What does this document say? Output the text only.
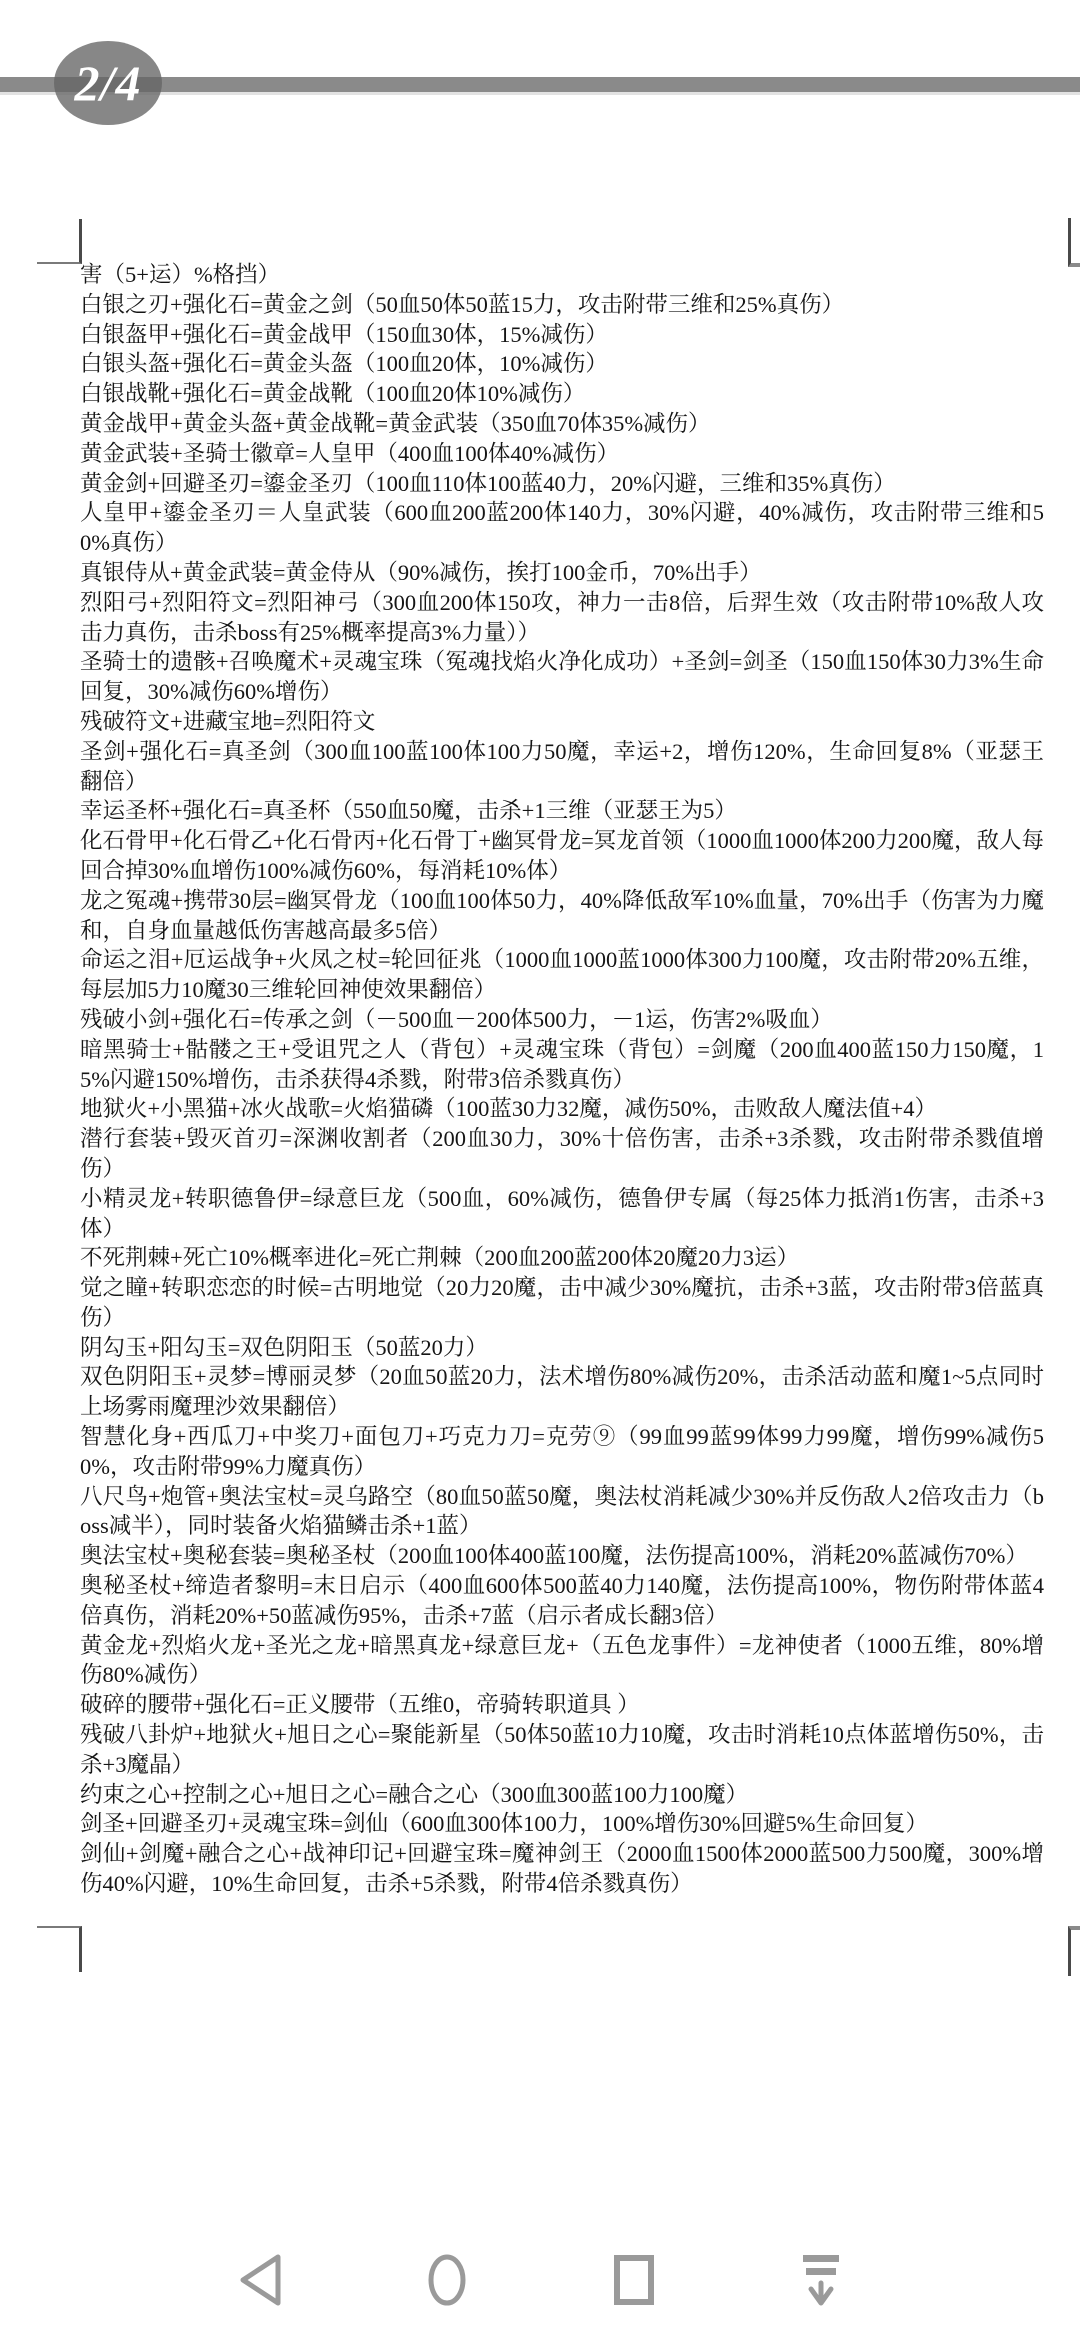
2/4
害（5+运）%格挡）
白银之刃+强化石=黄金之剑（50血50体50蓝15力，攻击附带三维和25%真伤）
白银盔甲+强化石=黄金战甲（150血30体，15%减伤）
白银头盔+强化石=黄金头盔（100血20体，10%减伤）
白银战靴+强化石=黄金战靴（100血20体10%减伤）
黄金战甲+黄金头盔+黄金战靴=黄金武装（350血70体35%减伤）
黄金武装+圣骑士徽章=人皇甲（400血100体40%减伤）
黄金剑+回避圣刃=鎏金圣刃（100血110体100蓝40力，20%闪避，三维和35%真伤）
人皇甲+鎏金圣刃＝人皇武装（600血200蓝200体140力，30%闪避，40%减伤，攻击附带三维和50%真伤）
真银侍从+黄金武装=黄金侍从（90%减伤，挨打100金币，70%出手）
烈阳弓+烈阳符文=烈阳神弓（300血200体150攻，神力一击8倍，后羿生效（攻击附带10%敌人攻击力真伤，击杀boss有25%概率提高3%力量））
圣骑士的遗骸+召唤魔术+灵魂宝珠（冤魂找焰火净化成功）+圣剑=剑圣（150血150体30力3%生命回复，30%减伤60%增伤）
残破符文+进藏宝地=烈阳符文
圣剑+强化石=真圣剑（300血100蓝100体100力50魔，幸运+2，增伤120%，生命回复8%（亚瑟王翻倍）
幸运圣杯+强化石=真圣杯（550血50魔，击杀+1三维（亚瑟王为5）
化石骨甲+化石骨乙+化石骨丙+化石骨丁+幽冥骨龙=冥龙首领（1000血1000体200力200魔，敌人每回合掉30%血增伤100%减伤60%，每消耗10%体）
龙之冤魂+携带30层=幽冥骨龙（100血100体50力，40%降低敌军10%血量，70%出手（伤害为力魔和，自身血量越低伤害越高最多5倍）
命运之泪+厄运战争+火凤之杖=轮回征兆（1000血1000蓝1000体300力100魔，攻击附带20%五维，每层加5力10魔30三维轮回神使效果翻倍）
残破小剑+强化石=传承之剑（－500血－200体500力，－1运，伤害2%吸血）
暗黑骑士+骷髅之王+受诅咒之人（背包）+灵魂宝珠（背包）=剑魔（200血400蓝150力150魔，15%闪避150%增伤，击杀获得4杀戮，附带3倍杀戮真伤）
地狱火+小黑猫+冰火战歌=火焰猫磷（100蓝30力32魔，减伤50%，击败敌人魔法值+4）
潜行套装+毁灭首刃=深渊收割者（200血30力，30%十倍伤害，击杀+3杀戮，攻击附带杀戮值增伤）
小精灵龙+转职德鲁伊=绿意巨龙（500血，60%减伤，德鲁伊专属（每25体力抵消1伤害，击杀+3体）
不死荆棘+死亡10%概率进化=死亡荆棘（200血200蓝200体20魔20力3运）
觉之瞳+转职恋恋的时候=古明地觉（20力20魔，击中减少30%魔抗，击杀+3蓝，攻击附带3倍蓝真伤）
阴勾玉+阳勾玉=双色阴阳玉（50蓝20力）
双色阴阳玉+灵梦=博丽灵梦（20血50蓝20力，法术增伤80%减伤20%，击杀活动蓝和魔1~5点同时上场雾雨魔理沙效果翻倍）
智慧化身+西瓜刀+中奖刀+面包刀+巧克力刀=克劳⑨（99血99蓝99体99力99魔，增伤99%减伤50%，攻击附带99%力魔真伤）
八尺鸟+炮管+奥法宝杖=灵乌路空（80血50蓝50魔，奥法杖消耗减少30%并反伤敌人2倍攻击力（boss减半），同时装备火焰猫鳞击杀+1蓝）
奥法宝杖+奥秘套装=奥秘圣杖（200血100体400蓝100魔，法伤提高100%，消耗20%蓝减伤70%）
奥秘圣杖+缔造者黎明=末日启示（400血600体500蓝40力140魔，法伤提高100%，物伤附带体蓝4倍真伤，消耗20%+50蓝减伤95%，击杀+7蓝（启示者成长翻3倍）
黄金龙+烈焰火龙+圣光之龙+暗黑真龙+绿意巨龙+（五色龙事件）=龙神使者（1000五维，80%增伤80%减伤）
破碎的腰带+强化石=正义腰带（五维0，帝骑转职道具 ）
残破八卦炉+地狱火+旭日之心=聚能新星（50体50蓝10力10魔，攻击时消耗10点体蓝增伤50%，击杀+3魔晶）
约束之心+控制之心+旭日之心=融合之心（300血300蓝100力100魔）
剑圣+回避圣刃+灵魂宝珠=剑仙（600血300体100力，100%增伤30%回避5%生命回复）
剑仙+剑魔+融合之心+战神印记+回避宝珠=魔神剑王（2000血1500体2000蓝500力500魔，300%增伤40%闪避，10%生命回复，击杀+5杀戮，附带4倍杀戮真伤）
